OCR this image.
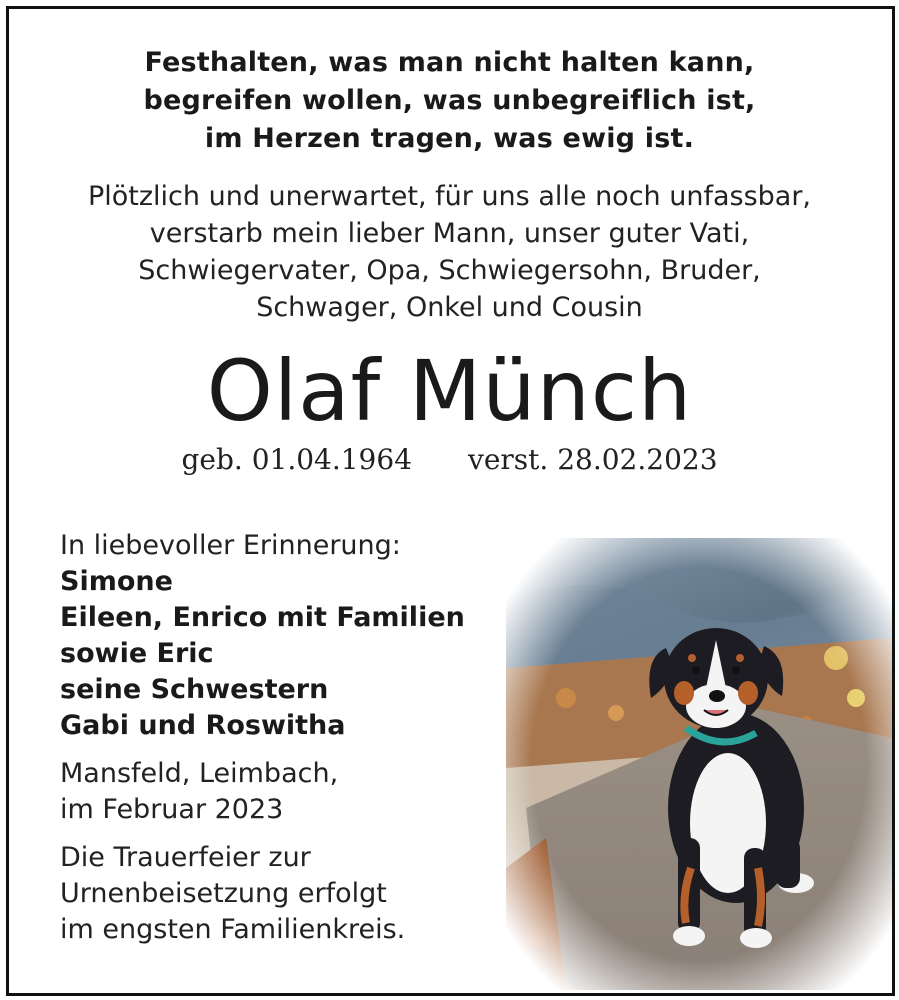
Festhalten, was man nicht halten kann,
begreifen wollen, was unbegreiflich ist,
im Herzen tragen, was ewig ist.
Plötzlich und unerwartet, für uns alle noch unfassbar,
verstarb mein lieber Mann, unser guter Vati,
Schwiegervater, Opa, Schwiegersohn, Bruder,
Schwager, Onkel und Cousin
Olaf Münch
geb. 01.04.1964 verst. 28.02.2023
In liebevoller Erinnerung:
Simone
Eileen, Enrico mit Familien
sowie Eric
seine Schwestern
Gabi und Roswitha
Mansfeld, Leimbach,
im Februar 2023
Die Trauerfeier zur
Urnenbeisetzung erfolgt
im engsten Familienkreis.
